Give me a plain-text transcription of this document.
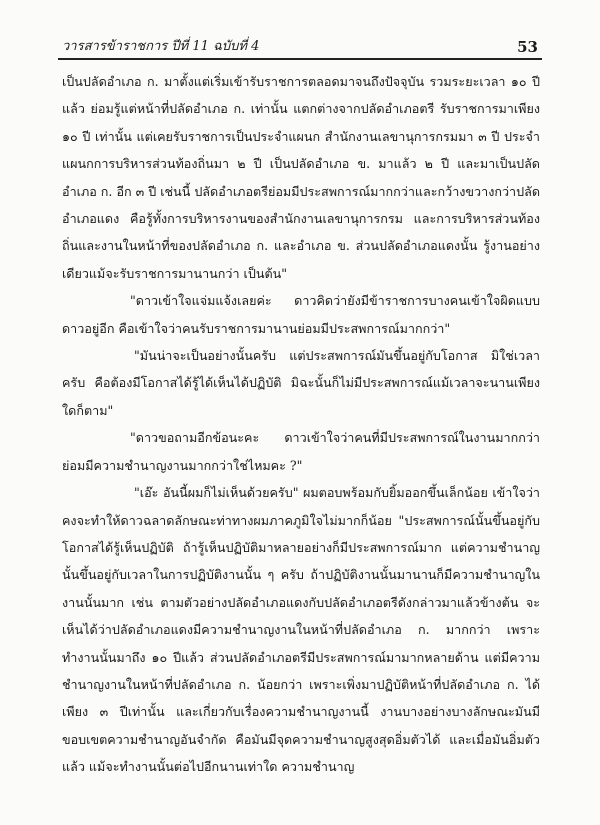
วารสารข้าราชการ ปีที่ 11 ฉบับที่ 4	53

เป็นปลัดอำเภอ ก. มาตั้งแต่เริ่มเข้ารับราชการตลอดมาจนถึงปัจจุบัน รวมระยะเวลา ๑๐ ปีแล้ว ย่อมรู้แต่หน้าที่ปลัดอำเภอ ก. เท่านั้น แตกต่างจากปลัดอำเภอตรี รับราชการมาเพียง ๑๐ ปี เท่านั้น แต่เคยรับราชการเป็นประจำแผนก สำนักงานเลขานุการกรมมา ๓ ปี ประจำแผนกการบริหารส่วนท้องถิ่นมา ๒ ปี เป็นปลัดอำเภอ ข. มาแล้ว ๒ ปี และมาเป็นปลัดอำเภอ ก. อีก ๓ ปี เช่นนี้ ปลัดอำเภอตรีย่อมมีประสพการณ์มากกว่าและกว้างขวางกว่าปลัดอำเภอแดง คือรู้ทั้งการบริหารงานของสำนักงานเลขานุการกรม และการบริหารส่วนท้องถิ่นและงานในหน้าที่ของปลัดอำเภอ ก. และอำเภอ ข. ส่วนปลัดอำเภอแดงนั้น รู้งานอย่างเดียวแม้จะรับราชการมานานกว่า เป็นต้น"

"ดาวเข้าใจแจ่มแจ้งเลยค่ะ ดาวคิดว่ายังมีข้าราชการบางคนเข้าใจผิดแบบดาวอยู่อีก คือเข้าใจว่าคนรับราชการมานานย่อมมีประสพการณ์มากกว่า"

"มันน่าจะเป็นอย่างนั้นครับ แต่ประสพการณ์มันขึ้นอยู่กับโอกาส มิใช่เวลาครับ คือต้องมีโอกาสได้รู้ได้เห็นได้ปฏิบัติ มิฉะนั้นก็ไม่มีประสพการณ์แม้เวลาจะนานเพียงใดก็ตาม"

"ดาวขอถามอีกข้อนะคะ ดาวเข้าใจว่าคนที่มีประสพการณ์ในงานมากกว่าย่อมมีความชำนาญงานมากกว่าใช่ไหมคะ ?"

"เอ๊ะ อันนี้ผมก็ไม่เห็นด้วยครับ" ผมตอบพร้อมกับยิ้มออกขึ้นเล็กน้อย เข้าใจว่าคงจะทำให้ดาวฉลาดลักษณะท่าทางผมภาคภูมิใจไม่มากก็น้อย "ประสพการณ์นั้นขึ้นอยู่กับโอกาสได้รู้เห็นปฏิบัติ ถ้ารู้เห็นปฏิบัติมาหลายอย่างก็มีประสพการณ์มาก แต่ความชำนาญนั้นขึ้นอยู่กับเวลาในการปฏิบัติงานนั้น ๆ ครับ ถ้าปฏิบัติงานนั้นมานานก็มีความชำนาญในงานนั้นมาก เช่น ตามตัวอย่างปลัดอำเภอแดงกับปลัดอำเภอตรีดังกล่าวมาแล้วข้างต้น จะเห็นได้ว่าปลัดอำเภอแดงมีความชำนาญงานในหน้าที่ปลัดอำเภอ ก. มากกว่า เพราะทำงานนั้นมาถึง ๑๐ ปีแล้ว ส่วนปลัดอำเภอตรีมีประสพการณ์มามากหลายด้าน แต่มีความชำนาญงานในหน้าที่ปลัดอำเภอ ก. น้อยกว่า เพราะเพิ่งมาปฏิบัติหน้าที่ปลัดอำเภอ ก. ได้เพียง ๓ ปีเท่านั้น และเกี่ยวกับเรื่องความชำนาญงานนี้ งานบางอย่างบางลักษณะมันมีขอบเขตความชำนาญอันจำกัด คือมันมีจุดความชำนาญสูงสุดอิ่มตัวได้ และเมื่อมันอิ่มตัวแล้ว แม้จะทำงานนั้นต่อไปอีกนานเท่าใด ความชำนาญ
